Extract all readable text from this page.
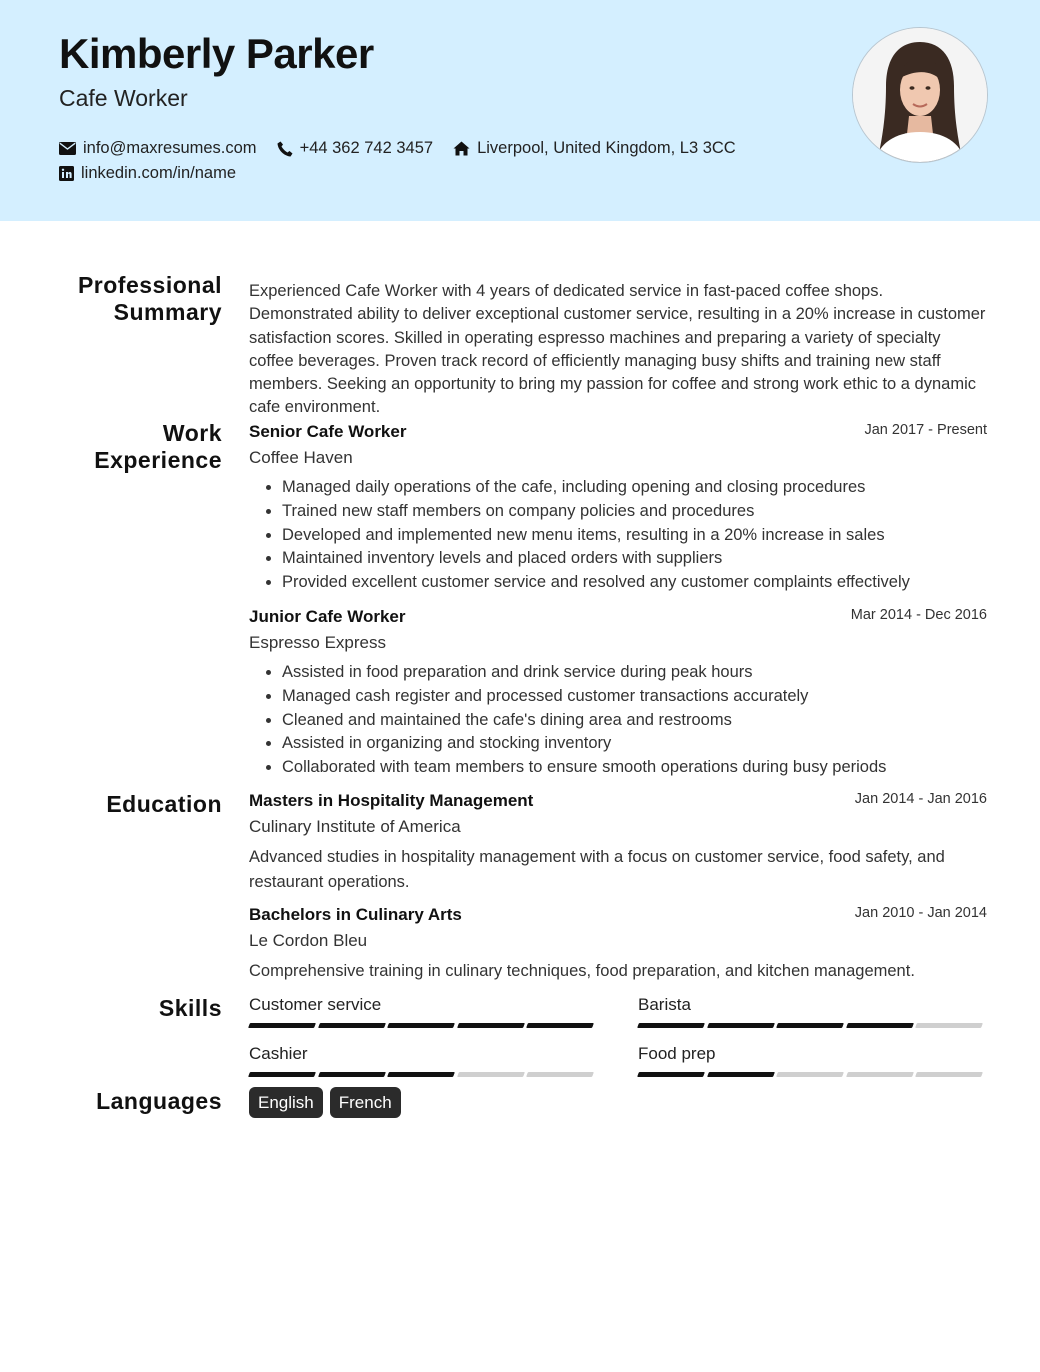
Kimberly Parker
Cafe Worker
info@maxresumes.com	+44 362 742 3457	Liverpool, United Kingdom, L3 3CC
linkedin.com/in/name
Professional
Summary

Experienced Cafe Worker with 4 years of dedicated service in fast-paced coffee shops. Demonstrated ability to deliver exceptional customer service, resulting in a 20% increase in customer satisfaction scores. Skilled in operating espresso machines and preparing a variety of specialty coffee beverages. Proven track record of efficiently managing busy shifts and training new staff members. Seeking an opportunity to bring my passion for coffee and strong work ethic to a dynamic cafe environment.

Work
Experience
Senior Cafe Worker	Jan 2017 - Present
Coffee Haven
• Managed daily operations of the cafe, including opening and closing procedures
• Trained new staff members on company policies and procedures
• Developed and implemented new menu items, resulting in a 20% increase in sales
• Maintained inventory levels and placed orders with suppliers
• Provided excellent customer service and resolved any customer complaints effectively
Junior Cafe Worker	Mar 2014 - Dec 2016
Espresso Express
• Assisted in food preparation and drink service during peak hours
• Managed cash register and processed customer transactions accurately
• Cleaned and maintained the cafe's dining area and restrooms
• Assisted in organizing and stocking inventory
• Collaborated with team members to ensure smooth operations during busy periods
Education Masters in Hospitality Management	Jan 2014 - Jan 2016
Culinary Institute of America
Advanced studies in hospitality management with a focus on customer service, food safety, and restaurant operations.
Bachelors in Culinary Arts	Jan 2010 - Jan 2014
Le Cordon Bleu
Comprehensive training in culinary techniques, food preparation, and kitchen management.
Skills Customer service	Barista
Cashier	Food prep
Languages	English	French
